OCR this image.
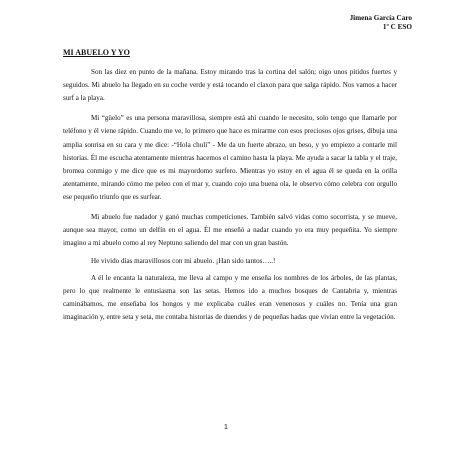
Jimena García Caro
1º C ESO
MI ABUELO Y YO

Son las diez en punto de la mañana. Estoy mirando tras la cortina del salón; oigo unos pitidos fuertes y seguidos. Mi abuelo ha llegado en su coche verde y está tocando el claxon para que salga rápido. Nos vamos a hacer surf a la playa.

Mi “güelo” es una persona maravillosa, siempre está ahí cuando le necesito, solo tengo que llamarle por teléfono y él viene rápido. Cuando me ve, lo primero que hace es mirarme con esos preciosos ojos grises, dibuja una amplia sonrisa en su cara y me dice: -“Hola chuli” - Me da un fuerte abrazo, un beso, y yo empiezo a contarle mil historias. Él me escucha atentamente mientras hacemos el camino hasta la playa. Me ayuda a sacar la tabla y el traje, bromea conmigo y me dice que es mi mayordomo surfero. Mientras yo estoy en el agua él se queda en la orilla atentamente, mirando cómo me peleo con el mar y, cuando cojo una buena ola, le observo cómo celebra con orgullo ese pequeño triunfo que es surfear.

Mi abuelo fue nadador y ganó muchas competiciones. También salvó vidas como socorrista, y se mueve, aunque sea mayor, como un delfín en el agua. Él me enseñó a nadar cuando yo era muy pequeñita. Yo siempre imagino a mi abuelo como al rey Neptuno saliendo del mar con un gran bastón.

He vivido días maravillosos con mi abuelo. ¡Han sido tantos…..!

A él le encanta la naturaleza, me lleva al campo y me enseña los nombres de los árboles, de las plantas, pero lo que realmente le entusiasma son las setas. Hemos ido a muchos bosques de Cantabria y, mientras caminábamos, me enseñaba los hongos y me explicaba cuáles eran venenosos y cuáles no. Tenía una gran imaginación y, entre seta y seta, me contaba historias de duendes y de pequeñas hadas que vivían entre la vegetación.

1
